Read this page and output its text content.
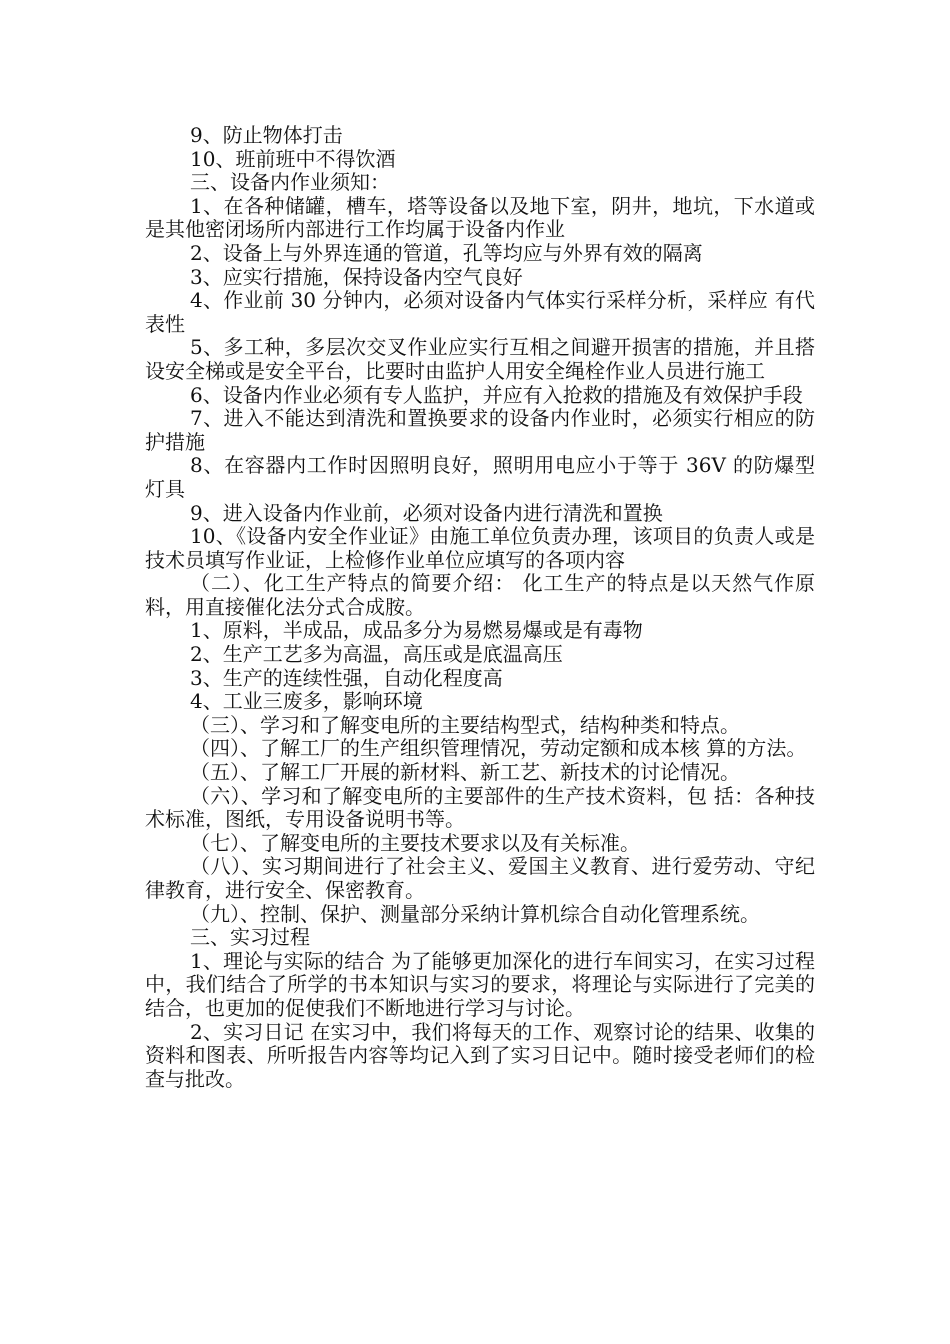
9、防止物体打击

10、班前班中不得饮酒

三、设备内作业须知：

1、在各种储罐，槽车，塔等设备以及地下室，阴井，地坑，下水道或是其他密闭场所内部进行工作均属于设备内作业

2、设备上与外界连通的管道，孔等均应与外界有效的隔离

3、应实行措施，保持设备内空气良好

4、作业前 30 分钟内，必须对设备内气体实行采样分析，采样应 有代表性

5、多工种，多层次交叉作业应实行互相之间避开损害的措施，并且搭设安全梯或是安全平台，比要时由监护人用安全绳栓作业人员进行施工

6、设备内作业必须有专人监护，并应有入抢救的措施及有效保护手段

7、进入不能达到清洗和置换要求的设备内作业时，必须实行相应的防护措施

8、在容器内工作时因照明良好，照明用电应小于等于 36V 的防爆型灯具

9、进入设备内作业前，必须对设备内进行清洗和置换

10、《设备内安全作业证》由施工单位负责办理，该项目的负责人或是技术员填写作业证，上检修作业单位应填写的各项内容

（二）、化工生产特点的简要介绍： 化工生产的特点是以天然气作原料，用直接催化法分式合成胺。

1、原料，半成品，成品多分为易燃易爆或是有毒物

2、生产工艺多为高温，高压或是底温高压

3、生产的连续性强，自动化程度高

4、工业三废多，影响环境

（三）、学习和了解变电所的主要结构型式，结构种类和特点。

（四）、了解工厂的生产组织管理情况，劳动定额和成本核 算的方法。

（五）、了解工厂开展的新材料、新工艺、新技术的讨论情况。

（六）、学习和了解变电所的主要部件的生产技术资料，包 括：各种技术标准，图纸，专用设备说明书等。

（七）、了解变电所的主要技术要求以及有关标准。

（八）、实习期间进行了社会主义、爱国主义教育、进行爱劳动、守纪律教育，进行安全、保密教育。

（九）、控制、保护、测量部分采纳计算机综合自动化管理系统。

三、实习过程

1、理论与实际的结合 为了能够更加深化的进行车间实习，在实习过程中，我们结合了所学的书本知识与实习的要求，将理论与实际进行了完美的结合，也更加的促使我们不断地进行学习与讨论。

2、实习日记 在实习中，我们将每天的工作、观察讨论的结果、收集的资料和图表、所听报告内容等均记入到了实习日记中。随时接受老师们的检查与批改。
